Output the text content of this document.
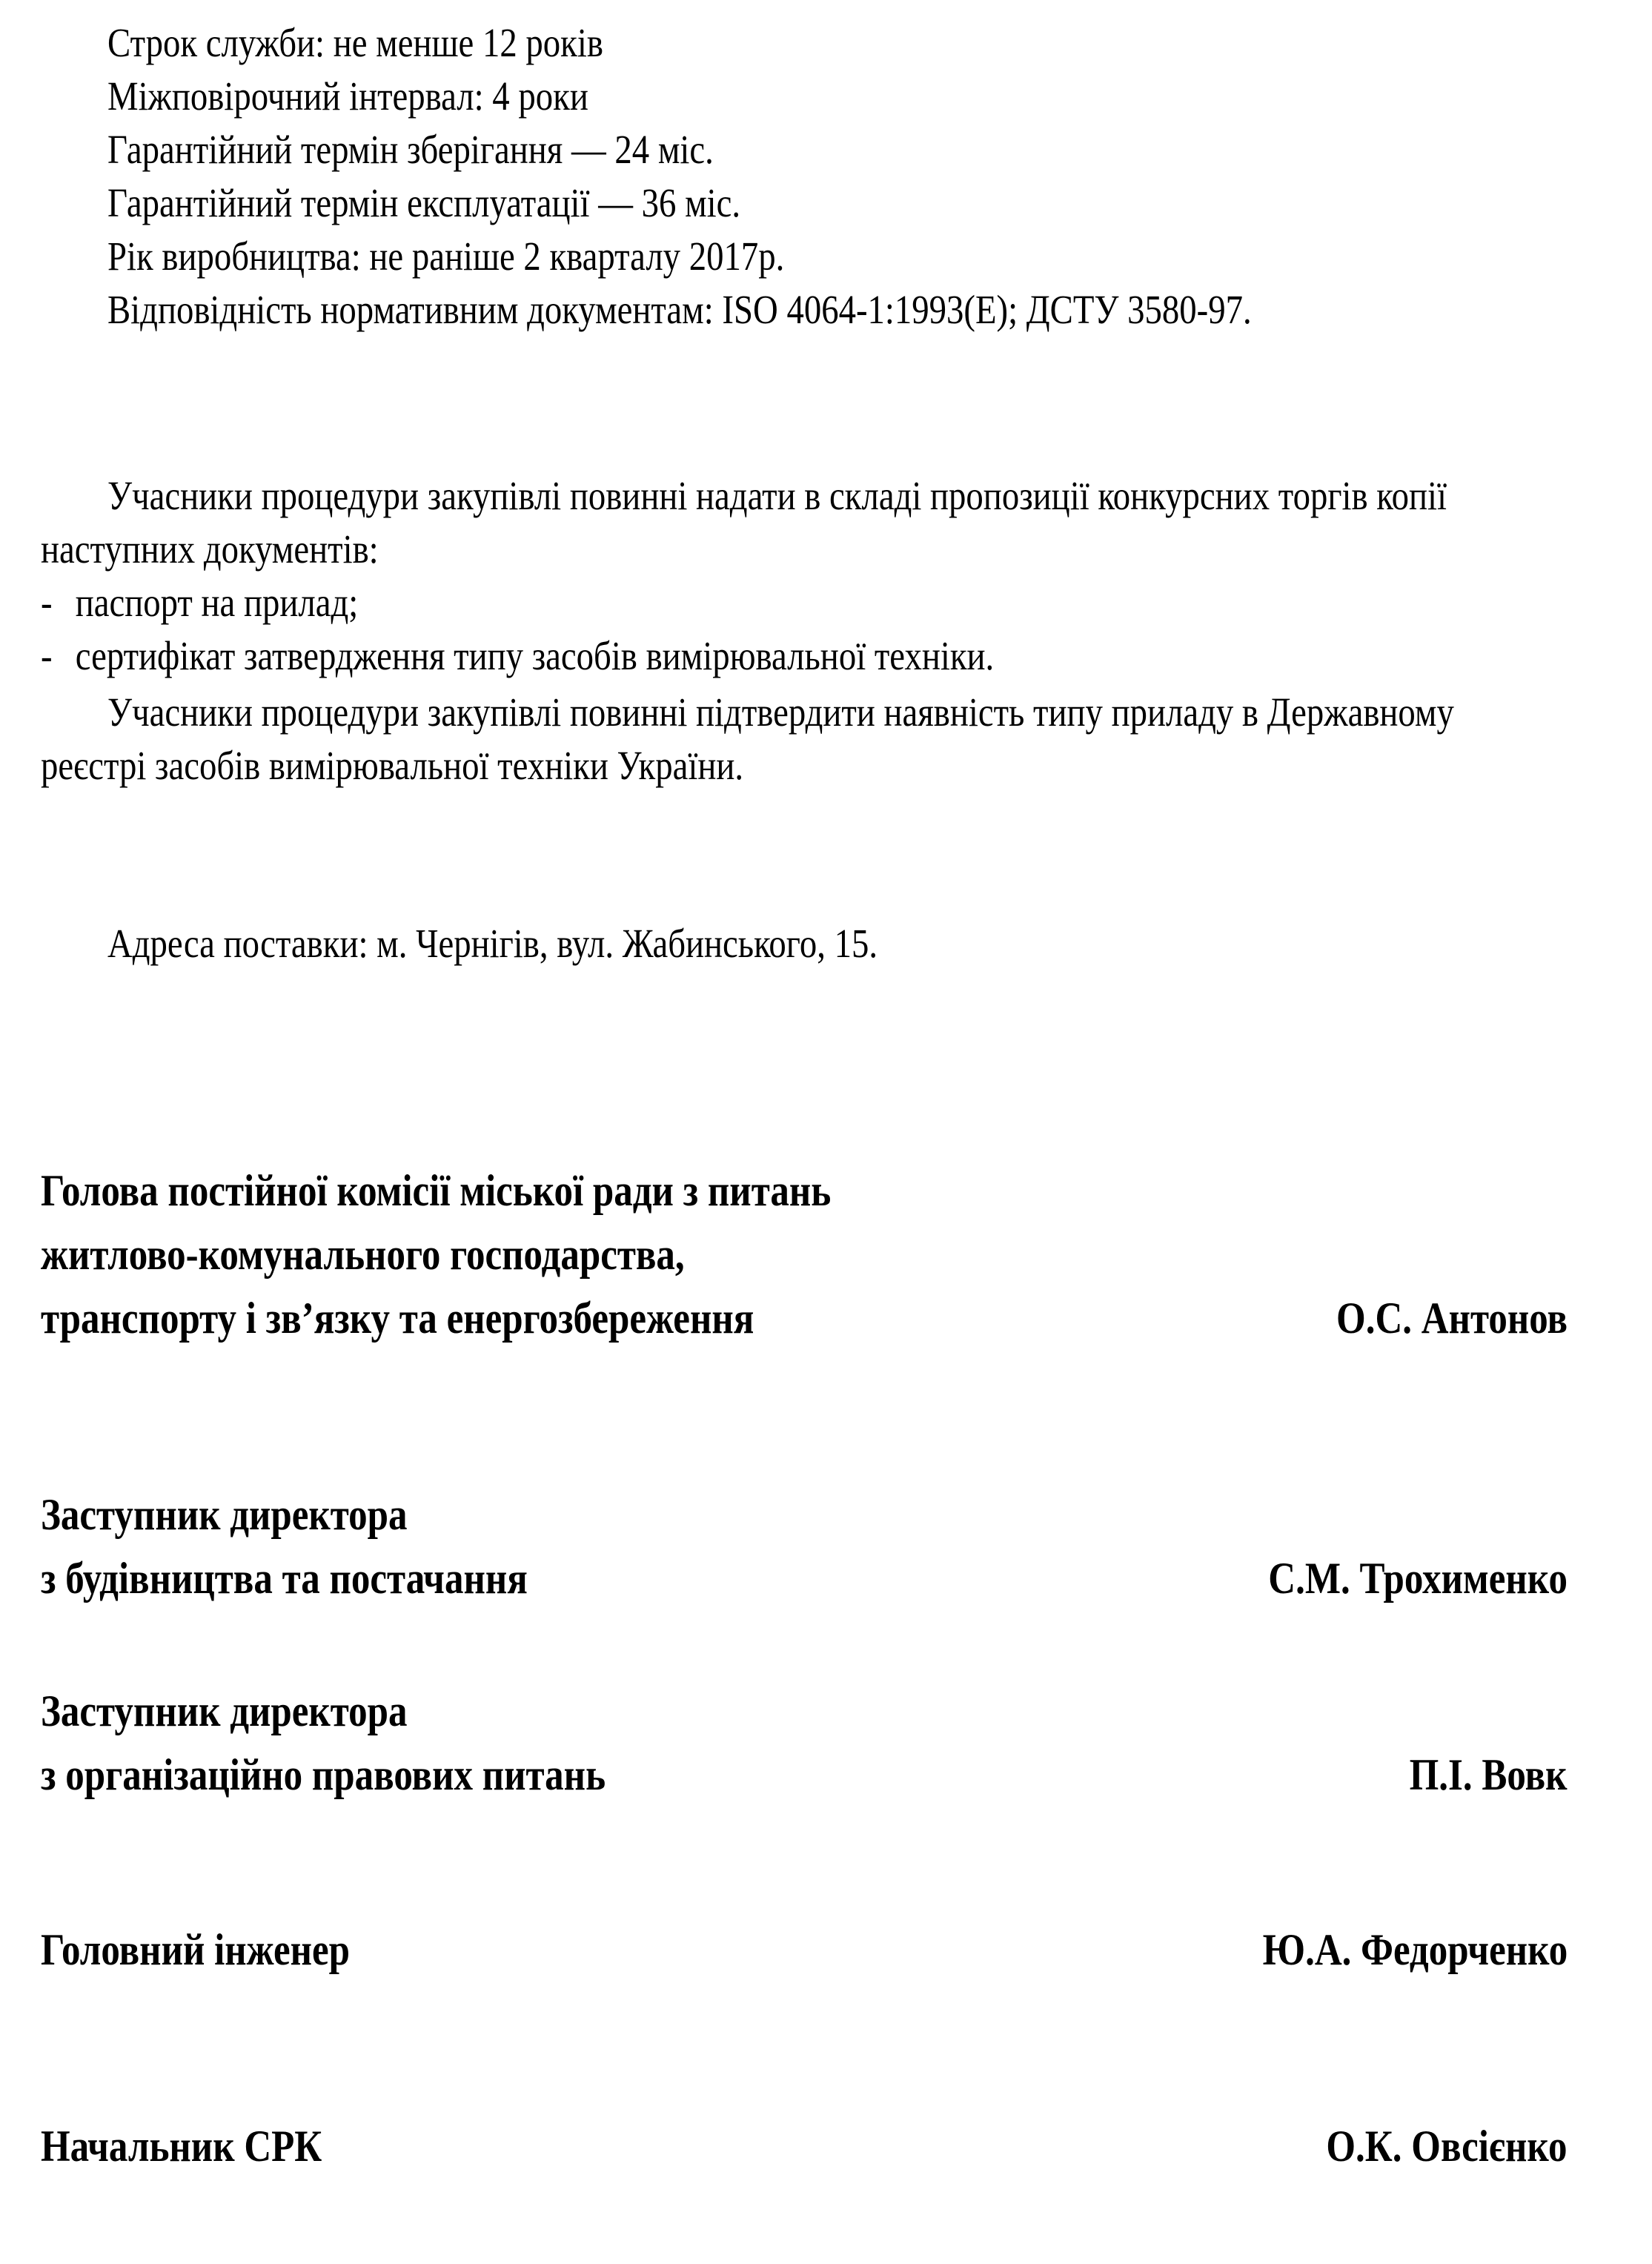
Строк служби: не менше 12 років
Міжповірочний інтервал: 4 роки
Гарантійний термін зберігання — 24 міс.
Гарантійний термін експлуатації — 36 міс.
Рік виробництва: не раніше 2 кварталу 2017р.
Відповідність нормативним документам: ISO 4064-1:1993(Е); ДСТУ 3580-97.
Учасники процедури закупівлі повинні надати в складі пропозиції конкурсних торгів копії
наступних документів:
- паспорт на прилад;
- сертифікат затвердження типу засобів вимірювальної техніки.
Учасники процедури закупівлі повинні підтвердити наявність типу приладу в Державному
реєстрі засобів вимірювальної техніки України.
Адреса поставки: м. Чернігів, вул. Жабинського, 15.
Голова постійної комісії міської ради з питань
житлово-комунального господарства,
транспорту і зв’язку та енергозбереження	О.С. Антонов
Заступник директора
з будівництва та постачання	С.М. Трохименко
Заступник директора
з організаційно правових питань	П.І. Вовк
Головний інженер	Ю.А. Федорченко
Начальник СРК	О.К. Овсієнко
